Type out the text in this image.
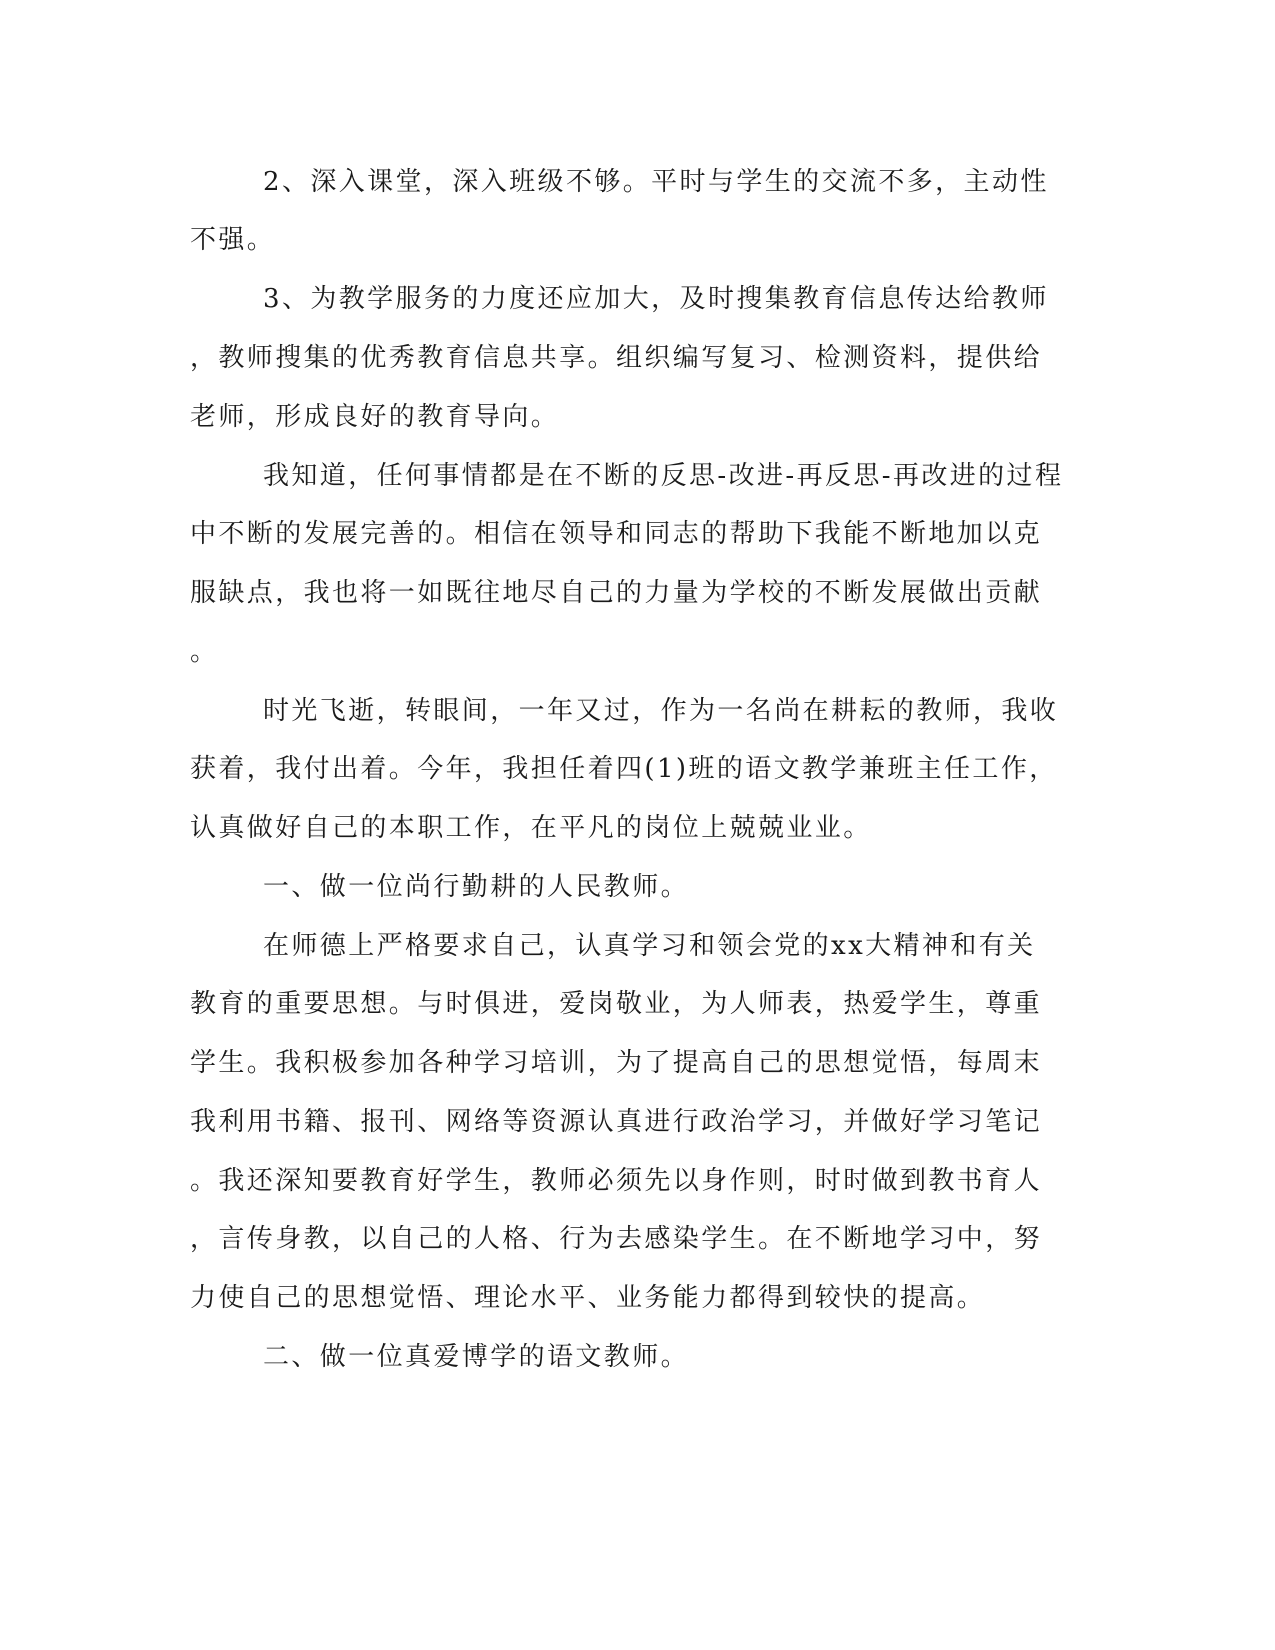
2、深入课堂，深入班级不够。平时与学生的交流不多，主动性
不强。
3、为教学服务的力度还应加大，及时搜集教育信息传达给教师
，教师搜集的优秀教育信息共享。组织编写复习、检测资料，提供给
老师，形成良好的教育导向。
我知道，任何事情都是在不断的反思-改进-再反思-再改进的过程
中不断的发展完善的。相信在领导和同志的帮助下我能不断地加以克
服缺点，我也将一如既往地尽自己的力量为学校的不断发展做出贡献
。
时光飞逝，转眼间，一年又过，作为一名尚在耕耘的教师，我收
获着，我付出着。今年，我担任着四(1)班的语文教学兼班主任工作，
认真做好自己的本职工作，在平凡的岗位上兢兢业业。
一、做一位尚行勤耕的人民教师。
在师德上严格要求自己，认真学习和领会党的xx大精神和有关
教育的重要思想。与时俱进，爱岗敬业，为人师表，热爱学生，尊重
学生。我积极参加各种学习培训，为了提高自己的思想觉悟，每周末
我利用书籍、报刊、网络等资源认真进行政治学习，并做好学习笔记
。我还深知要教育好学生，教师必须先以身作则，时时做到教书育人
，言传身教，以自己的人格、行为去感染学生。在不断地学习中，努
力使自己的思想觉悟、理论水平、业务能力都得到较快的提高。
二、做一位真爱博学的语文教师。
